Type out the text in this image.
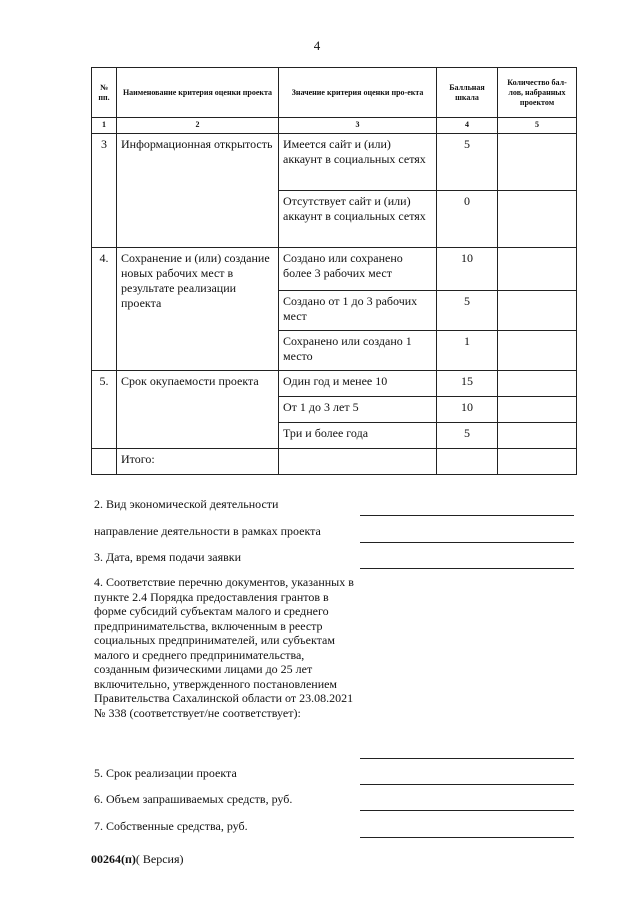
4
№ пп.	Наименование критерия оценки проекта	Значение критерия оценки про-екта	Балльная шкала	Количество бал-лов, набранных проектом
1	2	3	4	5
3	Информационная открытость	Имеется сайт и (или) аккаунт в социальных сетях	5	
		Отсутствует сайт и (или) аккаунт в социальных сетях	0	
4.	Сохранение и (или) создание новых рабочих мест в результате реализации проекта	Создано или сохранено более 3 рабочих мест	10	
		Создано от 1 до 3 рабочих мест	5	
		Сохранено или создано 1 место	1	
5.	Срок окупаемости проекта	Один год и менее 10	15	
		От 1 до 3 лет 5	10	
		Три и более года	5	
	Итого:			
2. Вид экономической деятельности
направление деятельности в рамках проекта
3. Дата, время подачи заявки
4. Соответствие перечню документов, указанных в пункте 2.4 Порядка предоставления грантов в форме субсидий субъектам малого и среднего предпринимательства, включенным в реестр социальных предпринимателей, или субъектам малого и среднего предпринимательства, созданным физическими лицами до 25 лет включительно, утвержденного постановлением Правительства Сахалинской области от 23.08.2021 № 338 (соответствует/не соответствует):
5. Срок реализации проекта
6. Объем запрашиваемых средств, руб.
7. Собственные средства, руб.
00264(п)( Версия)
